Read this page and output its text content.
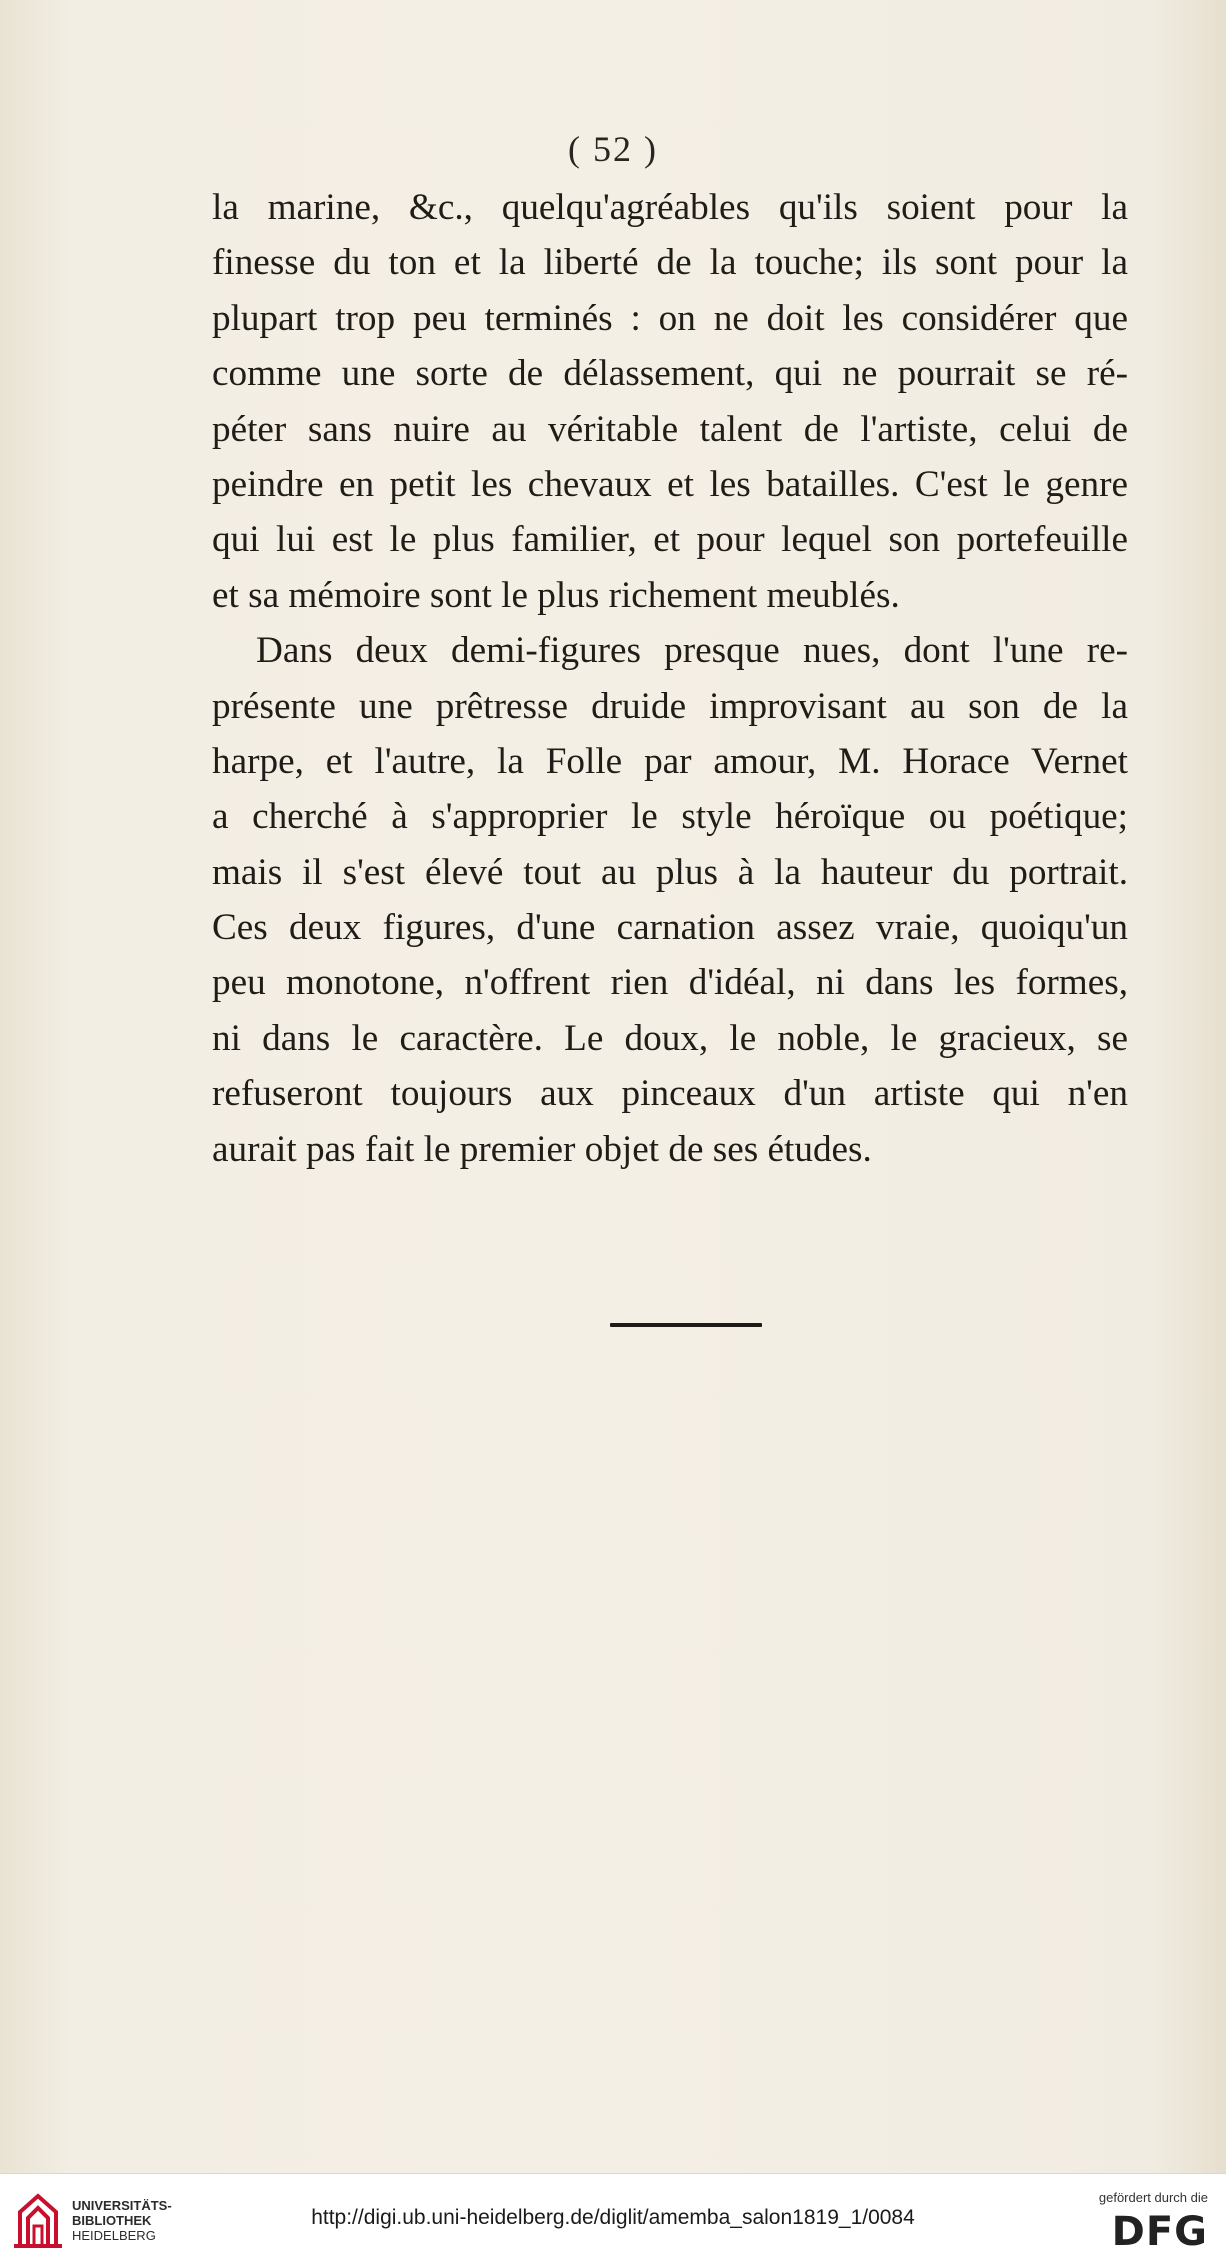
( 52 )
la marine, &c., quelqu'agréables qu'ils soient pour la
finesse du ton et la liberté de la touche; ils sont pour la
plupart trop peu terminés : on ne doit les considérer que
comme une sorte de délassement, qui ne pourrait se ré-
péter sans nuire au véritable talent de l'artiste, celui de
peindre en petit les chevaux et les batailles. C'est le genre
qui lui est le plus familier, et pour lequel son portefeuille
et sa mémoire sont le plus richement meublés.
Dans deux demi-figures presque nues, dont l'une re-
présente une prêtresse druide improvisant au son de la
harpe, et l'autre, la Folle par amour, M. Horace Vernet
a cherché à s'approprier le style héroïque ou poétique;
mais il s'est élevé tout au plus à la hauteur du portrait.
Ces deux figures, d'une carnation assez vraie, quoiqu'un
peu monotone, n'offrent rien d'idéal, ni dans les formes,
ni dans le caractère. Le doux, le noble, le gracieux, se
refuseront toujours aux pinceaux d'un artiste qui n'en
aurait pas fait le premier objet de ses études.
UNIVERSITÄTS-
BIBLIOTHEK
HEIDELBERG
http://digi.ub.uni-heidelberg.de/diglit/amemba_salon1819_1/0084
gefördert durch die
DFG
